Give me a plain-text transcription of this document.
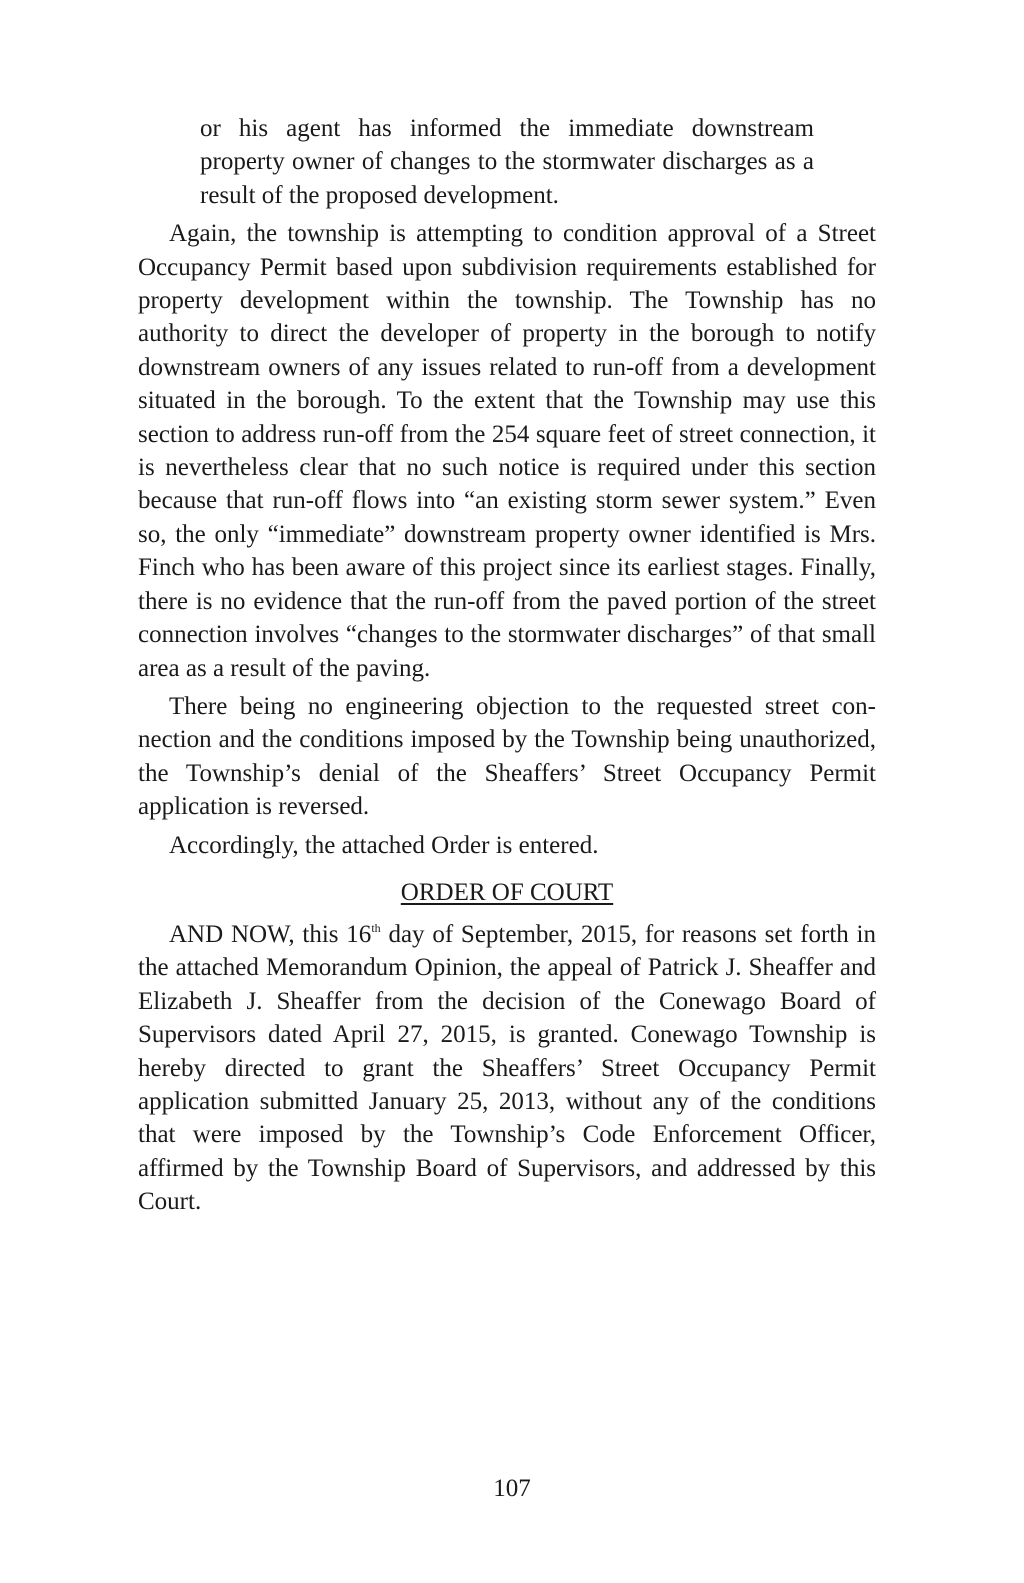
or his agent has informed the immediate downstream property owner of changes to the stormwater discharges as a result of the proposed development.

Again, the township is attempting to condition approval of a Street Occupancy Permit based upon subdivision requirements established for property development within the township. The Township has no authority to direct the developer of property in the borough to notify downstream owners of any issues related to run-off from a development situated in the borough. To the extent that the Township may use this section to address run-off from the 254 square feet of street connection, it is nevertheless clear that no such notice is required under this section because that run-off flows into “an existing storm sewer system.” Even so, the only “immediate” downstream property owner identified is Mrs. Finch who has been aware of this project since its earliest stages. Finally, there is no evidence that the run-off from the paved portion of the street connection involves “changes to the stormwater discharges” of that small area as a result of the paving.

There being no engineering objection to the requested street connection and the conditions imposed by the Township being unauthorized, the Township’s denial of the Sheaffers’ Street Occupancy Permit application is reversed.

Accordingly, the attached Order is entered.

ORDER OF COURT

AND NOW, this 16th day of September, 2015, for reasons set forth in the attached Memorandum Opinion, the appeal of Patrick J. Sheaffer and Elizabeth J. Sheaffer from the decision of the Conewago Board of Supervisors dated April 27, 2015, is granted. Conewago Township is hereby directed to grant the Sheaffers’ Street Occupancy Permit application submitted January 25, 2013, without any of the conditions that were imposed by the Township’s Code Enforcement Officer, affirmed by the Township Board of Supervisors, and addressed by this Court.

107
